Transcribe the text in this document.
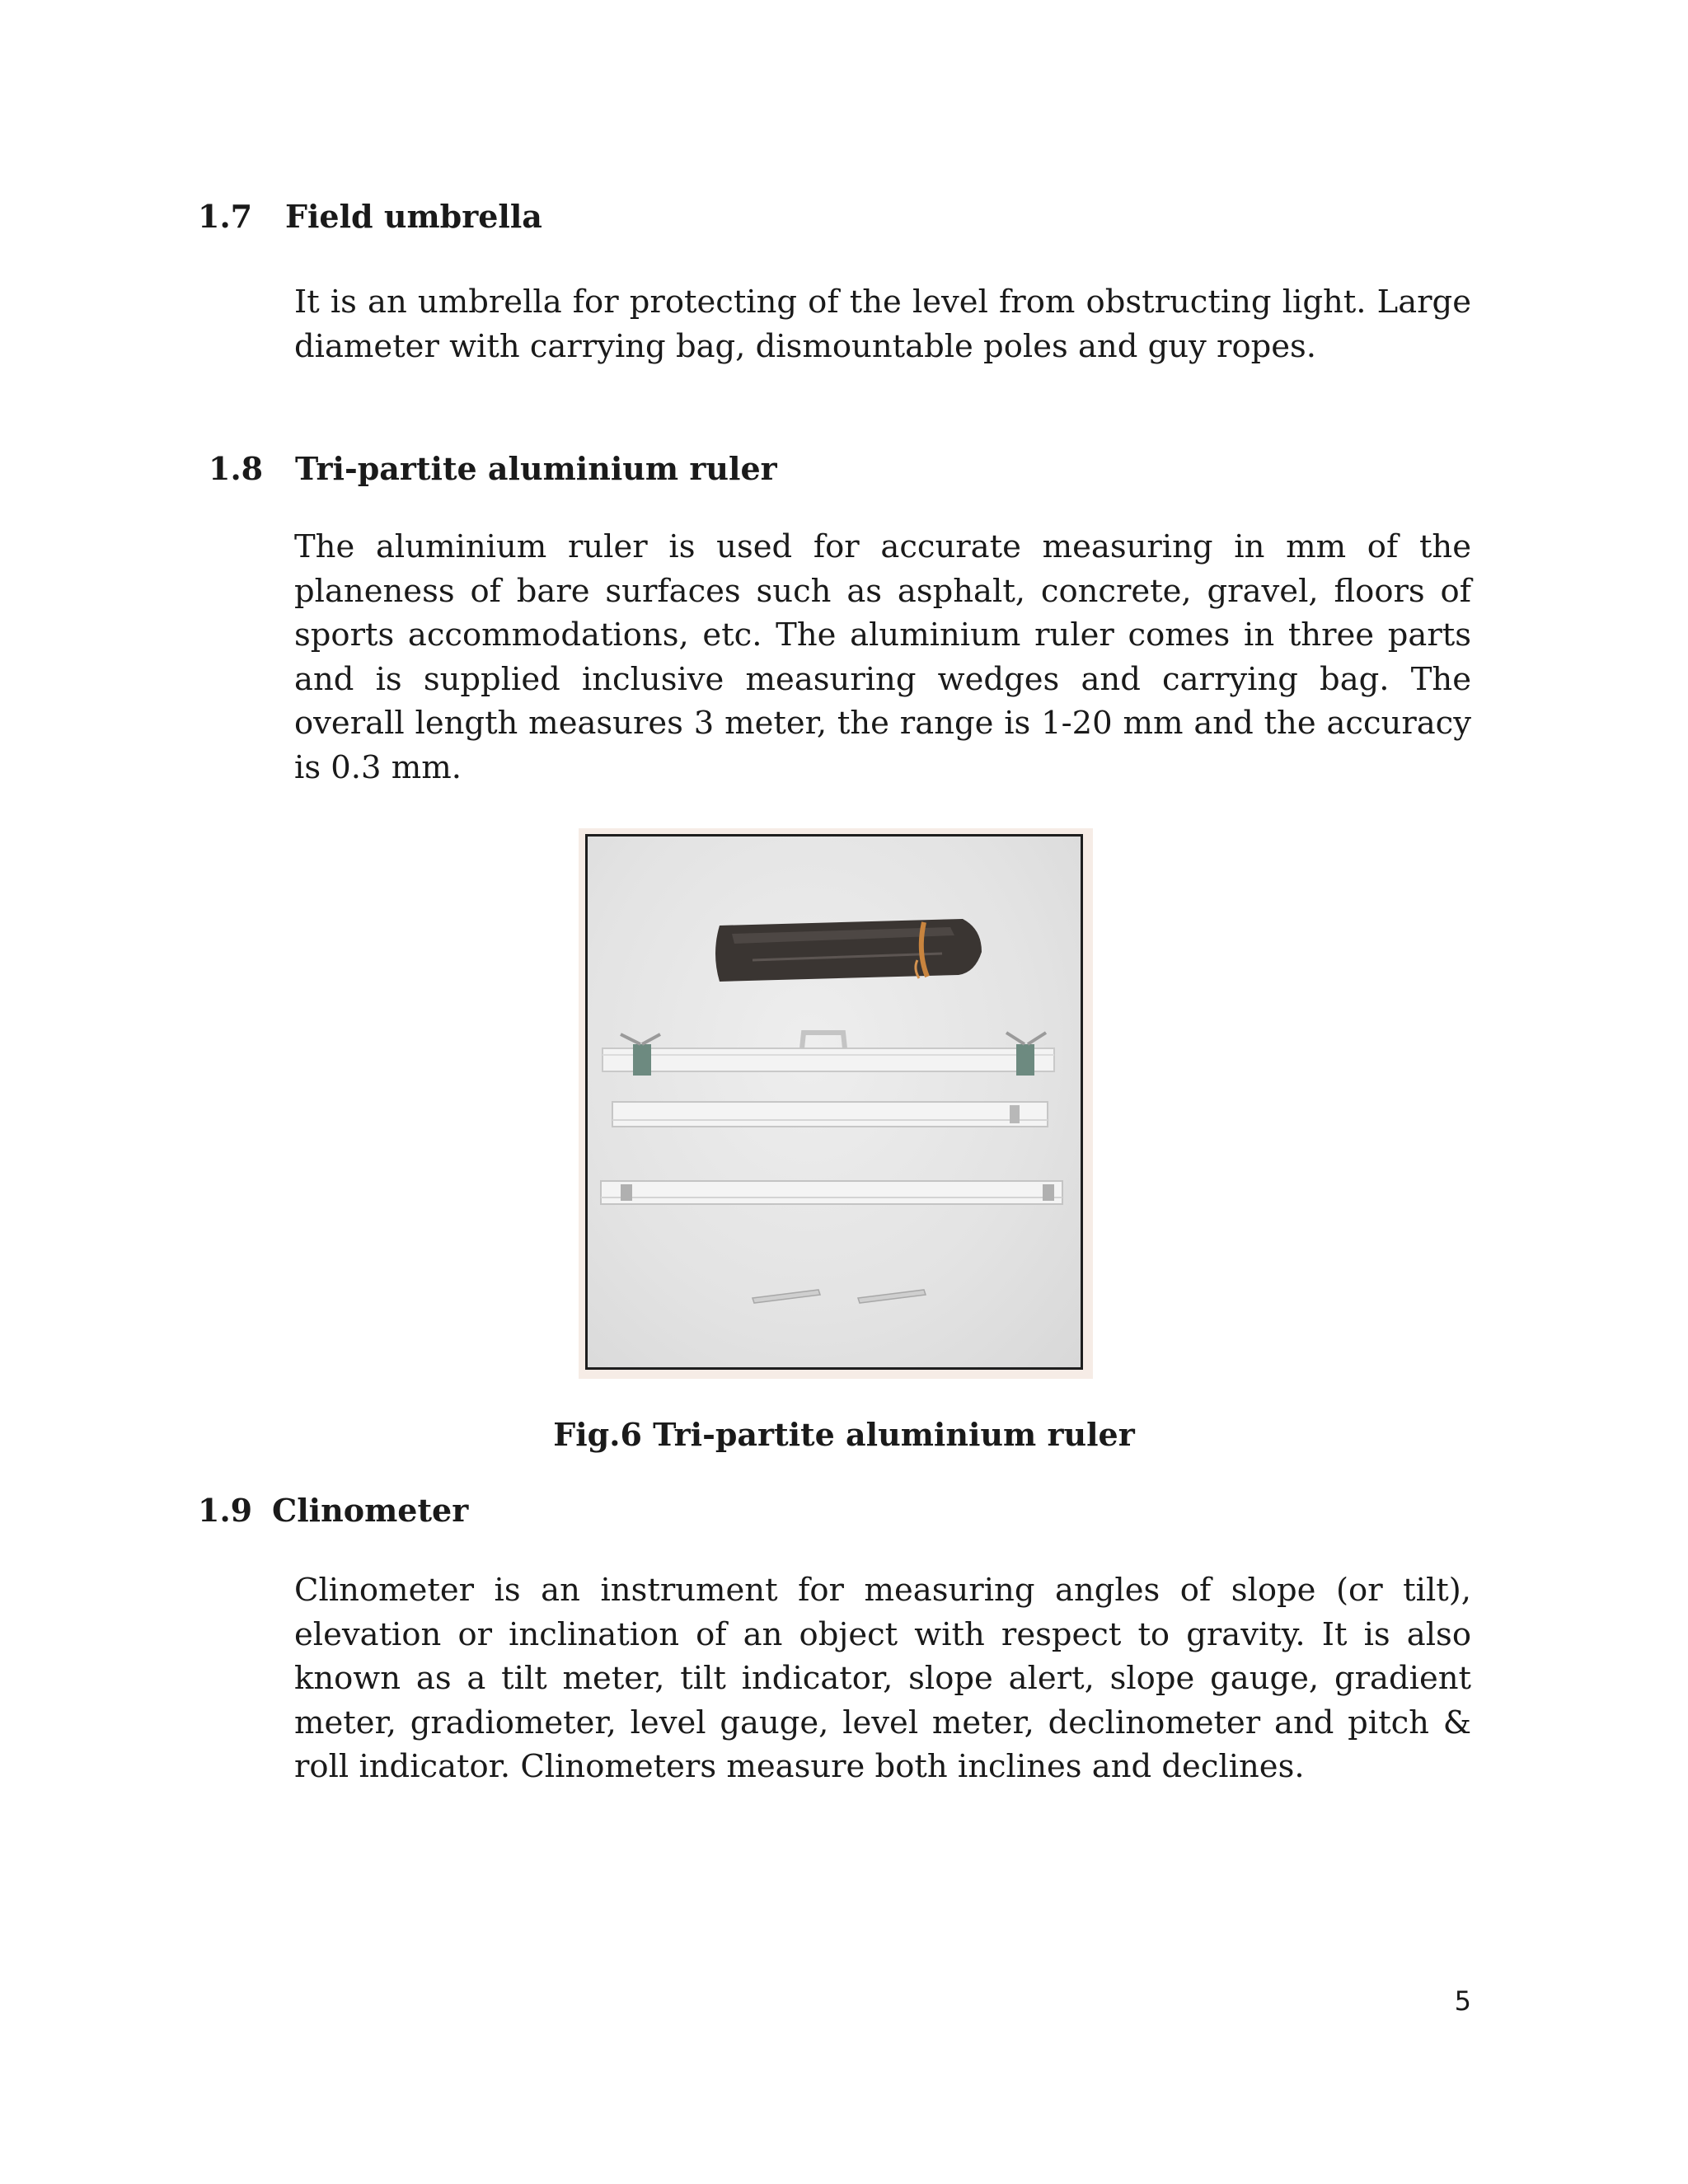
1.7 Field umbrella

It is an umbrella for protecting of the level from obstructing light. Large diameter with carrying bag, dismountable poles and guy ropes.

1.8 Tri-partite aluminium ruler

The aluminium ruler is used for accurate measuring in mm of the planeness of bare surfaces such as asphalt, concrete, gravel, floors of sports accommodations, etc. The aluminium ruler comes in three parts and is supplied inclusive measuring wedges and carrying bag. The overall length measures 3 meter, the range is 1-20 mm and the accuracy is 0.3 mm.

Fig.6 Tri-partite aluminium ruler

1.9 Clinometer

Clinometer is an instrument for measuring angles of slope (or tilt), elevation or inclination of an object with respect to gravity. It is also known as a tilt meter, tilt indicator, slope alert, slope gauge, gradient meter, gradiometer, level gauge, level meter, declinometer and pitch & roll indicator. Clinometers measure both inclines and declines.

5
